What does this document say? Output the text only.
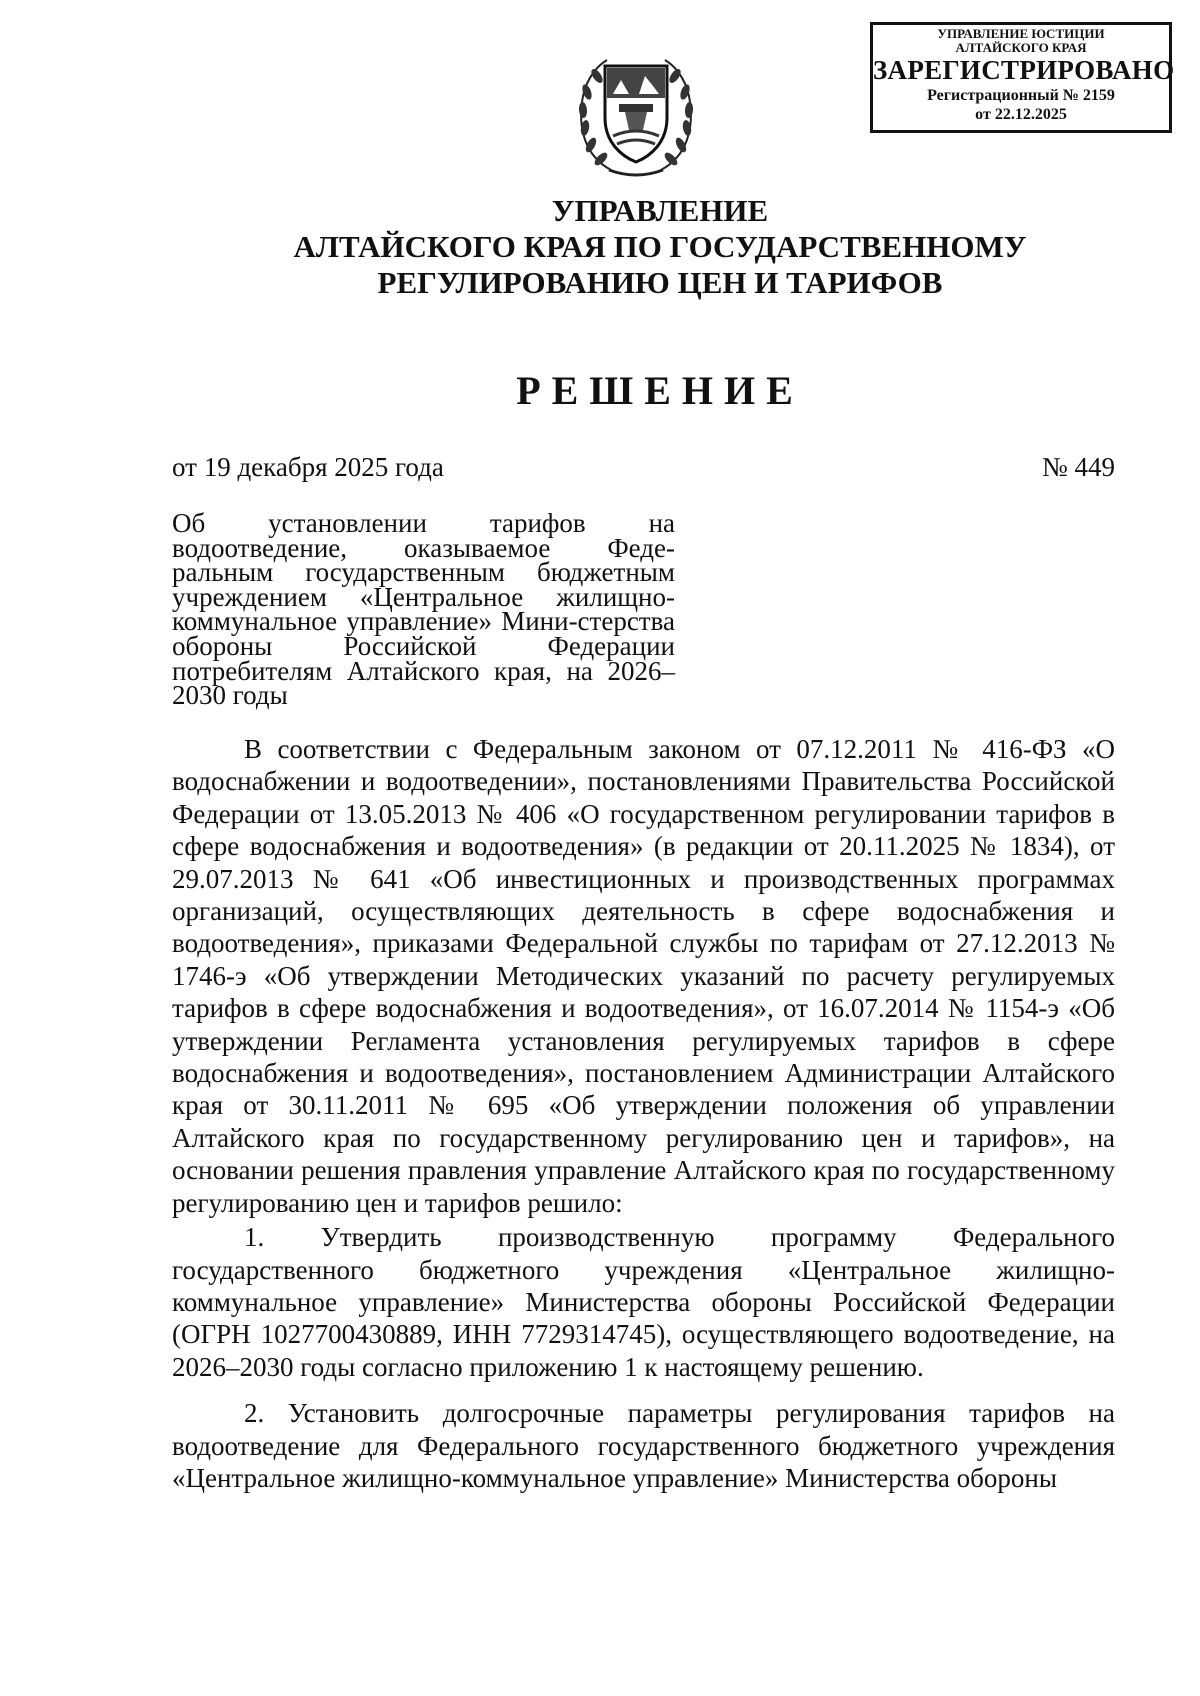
УПРАВЛЕНИЕ ЮСТИЦИИ
АЛТАЙСКОГО КРАЯ
ЗАРЕГИСТРИРОВАНО
Регистрационный № 2159
от 22.12.2025
УПРАВЛЕНИЕ
АЛТАЙСКОГО КРАЯ ПО ГОСУДАРСТВЕННОМУ
РЕГУЛИРОВАНИЮ ЦЕН И ТАРИФОВ
РЕШЕНИЕ
от 19 декабря 2025 года	№ 449
Об установлении тарифов на водоотведение, оказываемое Феде-ральным государственным бюджетным учреждением «Центральное жилищно-коммунальное управление» Мини-стерства обороны Российской Федерации потребителям Алтайского края, на 2026–2030 годы

В соответствии с Федеральным законом от 07.12.2011 № 416-ФЗ «О водоснабжении и водоотведении», постановлениями Правительства Российской Федерации от 13.05.2013 № 406 «О государственном регулировании тарифов в сфере водоснабжения и водоотведения» (в редакции от 20.11.2025 № 1834), от 29.07.2013 № 641 «Об инвестиционных и производственных программах организаций, осуществляющих деятельность в сфере водоснабжения и водоотведения», приказами Федеральной службы по тарифам от 27.12.2013 № 1746-э «Об утверждении Методических указаний по расчету регулируемых тарифов в сфере водоснабжения и водоотведения», от 16.07.2014 № 1154-э «Об утверждении Регламента установления регулируемых тарифов в сфере водоснабжения и водоотведения», постановлением Администрации Алтайского края от 30.11.2011 № 695 «Об утверждении положения об управлении Алтайского края по государственному регулированию цен и тарифов», на основании решения правления управление Алтайского края по государственному регулированию цен и тарифов решило:

1. Утвердить производственную программу Федерального государственного бюджетного учреждения «Центральное жилищно-коммунальное управление» Министерства обороны Российской Федерации (ОГРН 1027700430889, ИНН 7729314745), осуществляющего водоотведение, на 2026–2030 годы согласно приложению 1 к настоящему решению.

2. Установить долгосрочные параметры регулирования тарифов на водоотведение для Федерального государственного бюджетного учреждения «Центральное жилищно-коммунальное управление» Министерства обороны
